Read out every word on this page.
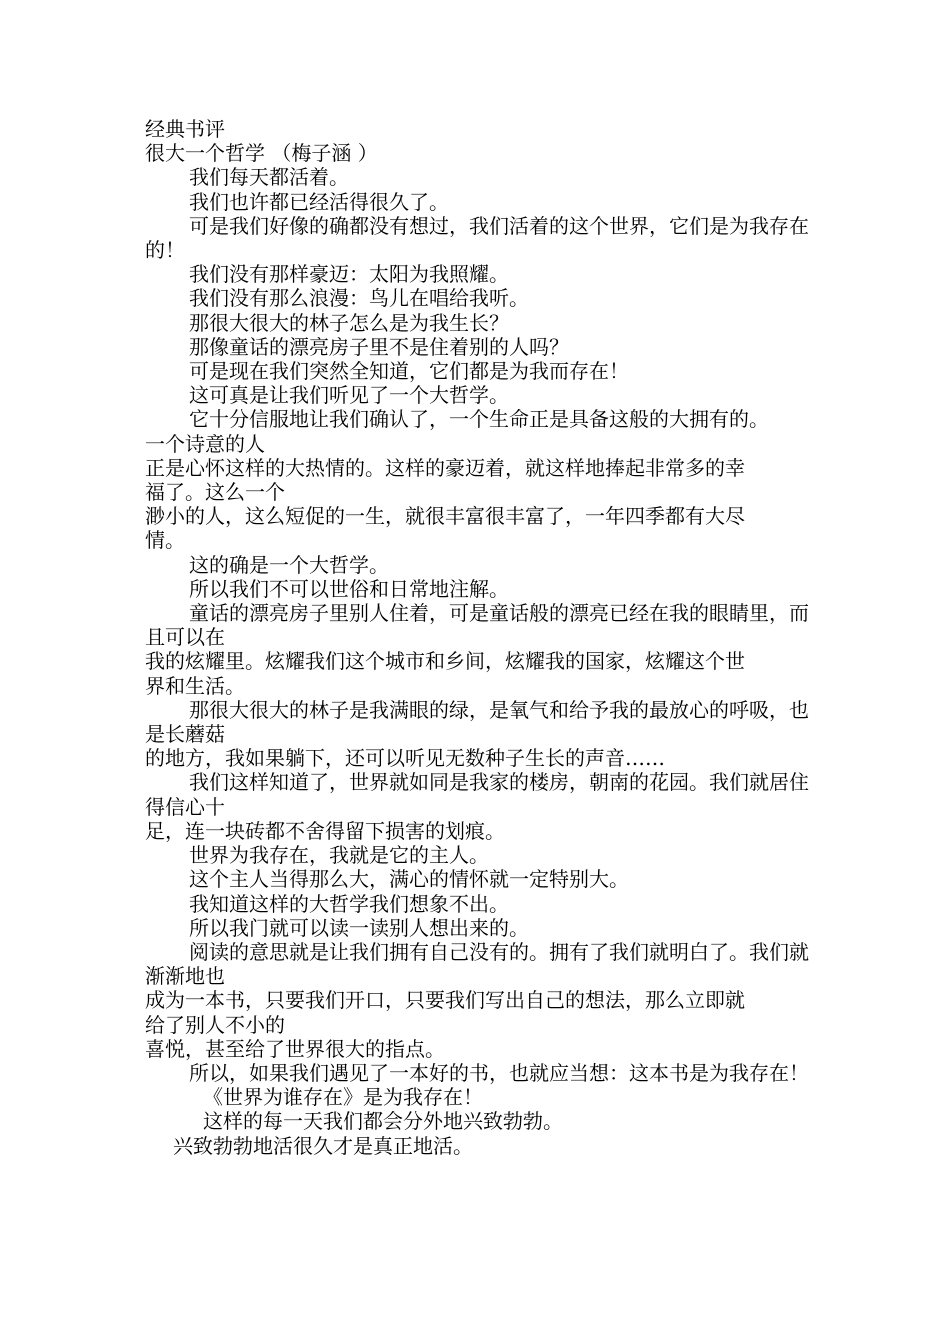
经典书评
很大一个哲学 （梅子涵 ）
我们每天都活着。
我们也许都已经活得很久了。
可是我们好像的确都没有想过，我们活着的这个世界，它们是为我存在的！
我们没有那样豪迈：太阳为我照耀。
我们没有那么浪漫：鸟儿在唱给我听。
那很大很大的林子怎么是为我生长？
那像童话的漂亮房子里不是住着别的人吗？
可是现在我们突然全知道，它们都是为我而存在！
这可真是让我们听见了一个大哲学。
它十分信服地让我们确认了，一个生命正是具备这般的大拥有的。
一个诗意的人
正是心怀这样的大热情的。这样的豪迈着，就这样地捧起非常多的幸
福了。这么一个
渺小的人，这么短促的一生，就很丰富很丰富了，一年四季都有大尽
情。
这的确是一个大哲学。
所以我们不可以世俗和日常地注解。
童话的漂亮房子里别人住着，可是童话般的漂亮已经在我的眼睛里，而且可以在
我的炫耀里。炫耀我们这个城市和乡间，炫耀我的国家，炫耀这个世
界和生活。
那很大很大的林子是我满眼的绿，是氧气和给予我的最放心的呼吸，也是长蘑菇
的地方，我如果躺下，还可以听见无数种子生长的声音……
我们这样知道了，世界就如同是我家的楼房，朝南的花园。我们就居住得信心十
足，连一块砖都不舍得留下损害的划痕。
世界为我存在，我就是它的主人。
这个主人当得那么大，满心的情怀就一定特别大。
我知道这样的大哲学我们想象不出。
所以我门就可以读一读别人想出来的。
阅读的意思就是让我们拥有自己没有的。拥有了我们就明白了。我们就渐渐地也
成为一本书，只要我们开口，只要我们写出自己的想法，那么立即就
给了别人不小的
喜悦，甚至给了世界很大的指点。
所以，如果我们遇见了一本好的书，也就应当想：这本书是为我存在！
《世界为谁存在》是为我存在！
这样的每一天我们都会分外地兴致勃勃。
兴致勃勃地活很久才是真正地活。
